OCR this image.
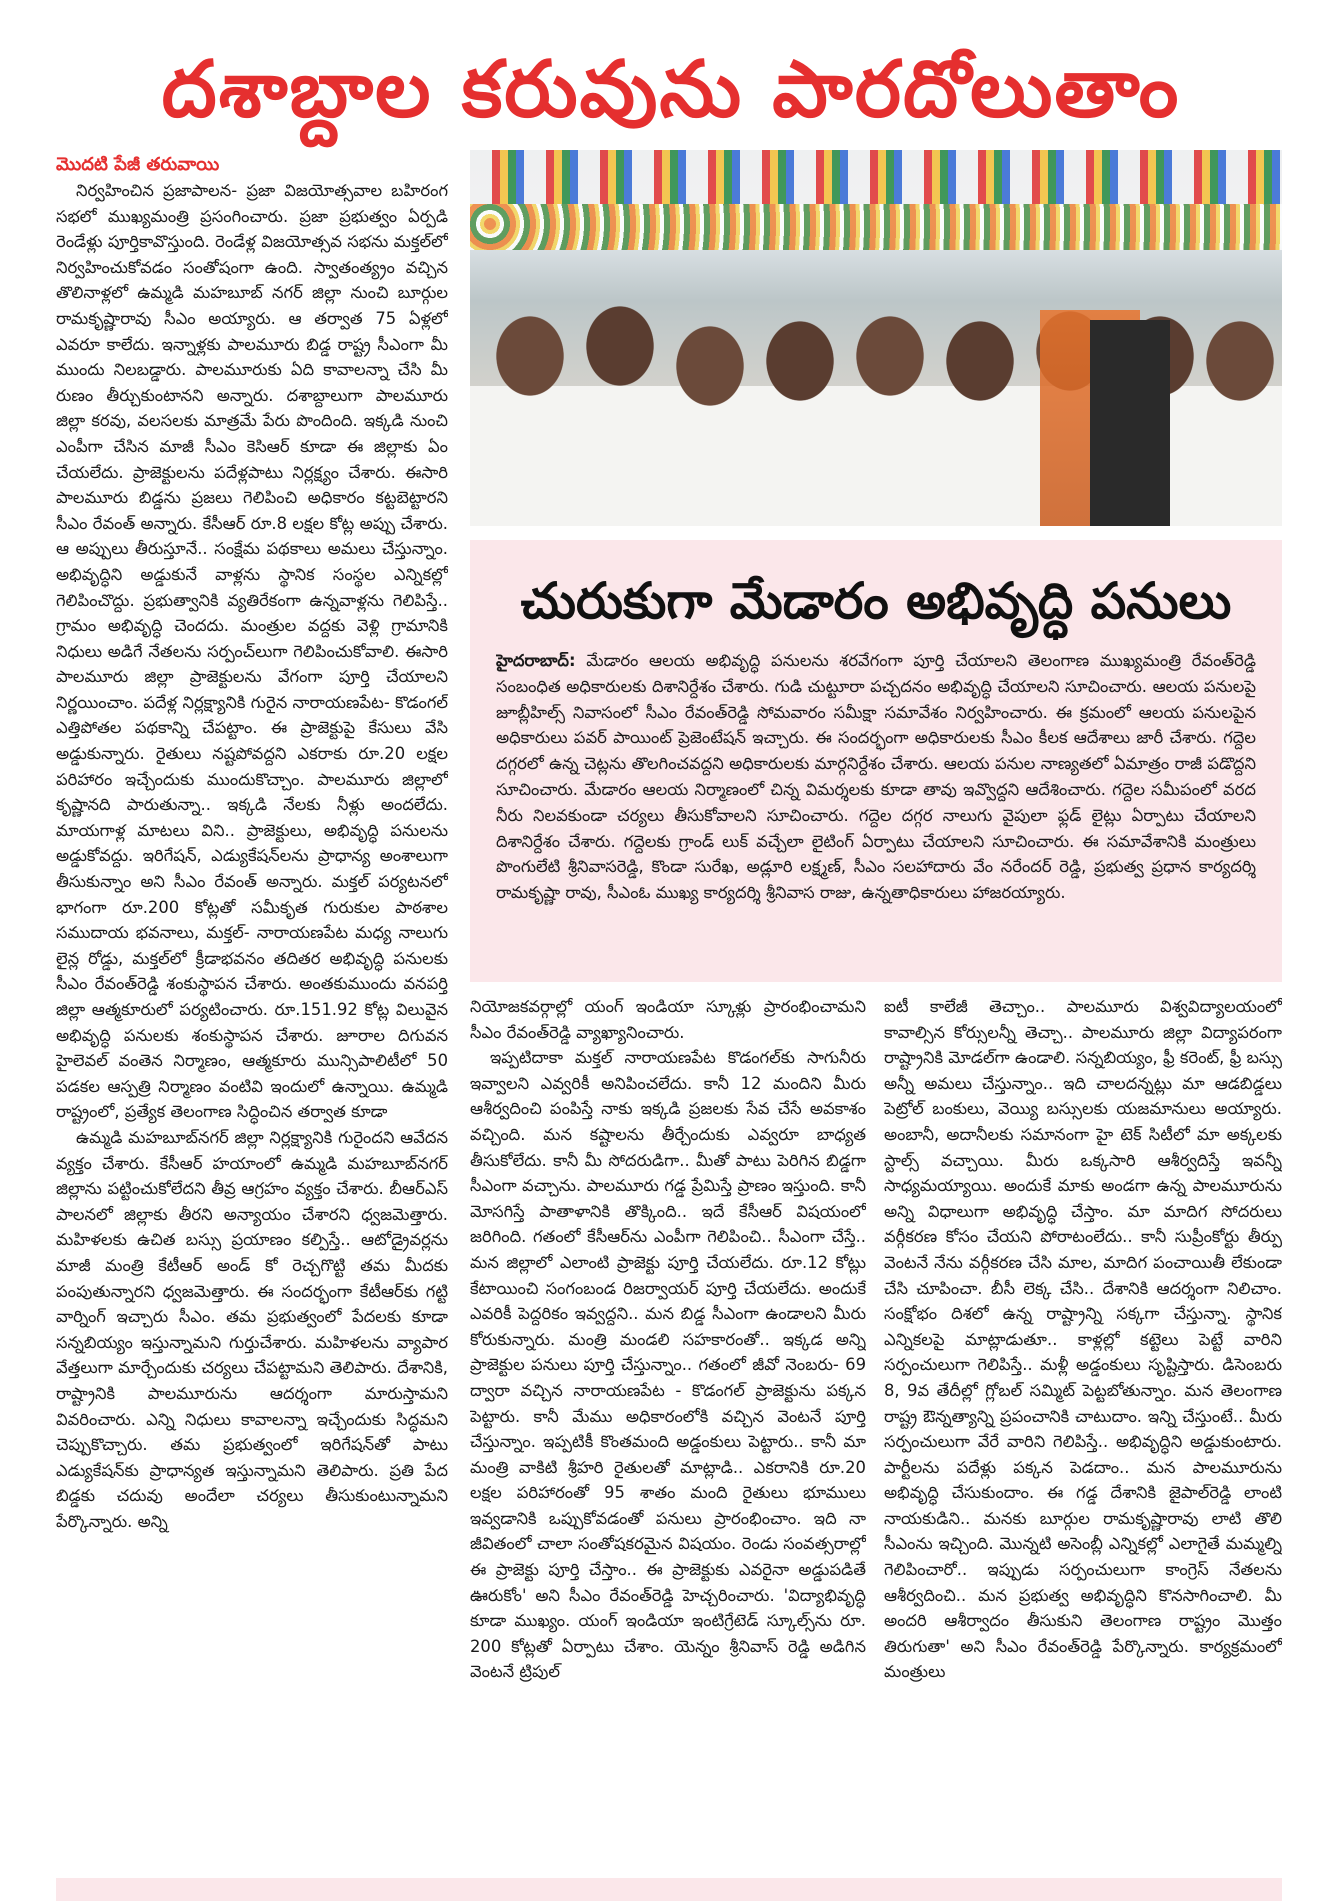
దశాబ్దాల కరువును పారదోలుతాం
మొదటి పేజీ తరువాయి

నిర్వహించిన ప్రజాపాలన- ప్రజా విజయోత్సవాల బహిరంగ సభలో ముఖ్యమంత్రి ప్రసంగించారు. ప్రజా ప్రభుత్వం ఏర్పడి రెండేళ్లు పూర్తికావొస్తుంది. రెండేళ్ల విజయోత్సవ సభను మక్తల్‌లో నిర్వహించుకోవడం సంతోషంగా ఉంది. స్వాతంత్య్రం వచ్చిన తొలినాళ్లలో ఉమ్మడి మహబూబ్ నగర్ జిల్లా నుంచి బూర్గుల రామకృష్ణారావు సీఎం అయ్యారు. ఆ తర్వాత 75 ఏళ్లలో ఎవరూ కాలేదు. ఇన్నాళ్లకు పాలమూరు బిడ్డ రాష్ట్ర సీఎంగా మీ ముందు నిలబడ్డారు. పాలమూరుకు ఏది కావాలన్నా చేసి మీ రుణం తీర్చుకుంటానని అన్నారు. దశాబ్దాలుగా పాలమూరు జిల్లా కరవు, వలసలకు మాత్రమే పేరు పొందింది. ఇక్కడి నుంచి ఎంపీగా చేసిన మాజీ సీఎం కెసిఆర్ కూడా ఈ జిల్లాకు ఏం చేయలేదు. ప్రాజెక్టులను పదేళ్లపాటు నిర్లక్ష్యం చేశారు. ఈసారి పాలమూరు బిడ్డను ప్రజలు గెలిపించి అధికారం కట్టబెట్టారని సీఎం రేవంత్ అన్నారు. కేసీఆర్ రూ.8 లక్షల కోట్ల అప్పు చేశారు. ఆ అప్పులు తీరుస్తూనే.. సంక్షేమ పథకాలు అమలు చేస్తున్నాం. అభివృద్ధిని అడ్డుకునే వాళ్లను స్థానిక సంస్థల ఎన్నికల్లో గెలిపించొద్దు. ప్రభుత్వానికి వ్యతిరేకంగా ఉన్నవాళ్లను గెలిపిస్తే.. గ్రామం అభివృద్ధి చెందదు. మంత్రుల వద్దకు వెళ్లి గ్రామానికి నిధులు అడిగే నేతలను సర్పంచ్‌లుగా గెలిపించుకోవాలి. ఈసారి పాలమూరు జిల్లా ప్రాజెక్టులను వేగంగా పూర్తి చేయాలని నిర్ణయించాం. పదేళ్ల నిర్లక్ష్యానికి గురైన నారాయణపేట- కొడంగల్ ఎత్తిపోతల పథకాన్ని చేపట్టాం. ఈ ప్రాజెక్టుపై కేసులు వేసి అడ్డుకున్నారు. రైతులు నష్టపోవద్దని ఎకరాకు రూ.20 లక్షల పరిహారం ఇచ్చేందుకు ముందుకొచ్చాం. పాలమూరు జిల్లాలో కృష్ణానది పారుతున్నా.. ఇక్కడి నేలకు నీళ్లు అందలేదు. మాయగాళ్ల మాటలు విని.. ప్రాజెక్టులు, అభివృద్ధి పనులను అడ్డుకోవద్దు. ఇరిగేషన్, ఎడ్యుకేషన్‌లను ప్రాధాన్య అంశాలుగా తీసుకున్నాం అని సీఎం రేవంత్ అన్నారు. మక్తల్ పర్యటనలో భాగంగా రూ.200 కోట్లతో సమీకృత గురుకుల పాఠశాల సముదాయ భవనాలు, మక్తల్- నారాయణపేట మధ్య నాలుగు లైన్ల రోడ్డు, మక్తల్‌లో క్రీడాభవనం తదితర అభివృద్ధి పనులకు సీఎం రేవంత్‌రెడ్డి శంకుస్థాపన చేశారు. అంతకుముందు వనపర్తి జిల్లా ఆత్మకూరులో పర్యటించారు. రూ.151.92 కోట్ల విలువైన అభివృద్ధి పనులకు శంకుస్థాపన చేశారు. జూరాల దిగువన హైలెవల్ వంతెన నిర్మాణం, ఆత్మకూరు మున్సిపాలిటీలో 50 పడకల ఆస్పత్రి నిర్మాణం వంటివి ఇందులో ఉన్నాయి. ఉమ్మడి రాష్ట్రంలో, ప్రత్యేక తెలంగాణ సిద్ధించిన తర్వాత కూడా

ఉమ్మడి మహబూబ్‌నగర్ జిల్లా నిర్లక్ష్యానికి గురైందని ఆవేదన వ్యక్తం చేశారు. కేసీఆర్ హయాంలో ఉమ్మడి మహబూబ్‌నగర్ జిల్లాను పట్టించుకోలేదని తీవ్ర ఆగ్రహం వ్యక్తం చేశారు. బీఆర్ఎస్ పాలనలో జిల్లాకు తీరని అన్యాయం చేశారని ధ్వజమెత్తారు. మహిళలకు ఉచిత బస్సు ప్రయాణం కల్పిస్తే.. ఆటోడ్రైవర్లను మాజీ మంత్రి కేటీఆర్ అండ్ కో రెచ్చగొట్టి తమ మీదకు పంపుతున్నారని ధ్వజమెత్తారు. ఈ సందర్భంగా కేటీఆర్‌కు గట్టి వార్నింగ్ ఇచ్చారు సీఎం. తమ ప్రభుత్వంలో పేదలకు కూడా సన్నబియ్యం ఇస్తున్నామని గుర్తుచేశారు. మహిళలను వ్యాపార వేత్తలుగా మార్చేందుకు చర్యలు చేపట్టామని తెలిపారు. దేశానికి, రాష్ట్రానికి పాలమూరును ఆదర్శంగా మారుస్తామని వివరించారు. ఎన్ని నిధులు కావాలన్నా ఇచ్చేందుకు సిద్ధమని చెప్పుకొచ్చారు. తమ ప్రభుత్వంలో ఇరిగేషన్‌తో పాటు ఎడ్యుకేషన్‌కు ప్రాధాన్యత ఇస్తున్నామని తెలిపారు. ప్రతి పేద బిడ్డకు చదువు అందేలా చర్యలు తీసుకుంటున్నామని పేర్కొన్నారు. అన్ని

చురుకుగా మేడారం అభివృద్ధి పనులు
హైదరాబాద్: మేడారం ఆలయ అభివృద్ధి పనులను శరవేగంగా పూర్తి చేయాలని తెలంగాణ ముఖ్యమంత్రి రేవంత్‌రెడ్డి సంబంధిత అధికారులకు దిశానిర్దేశం చేశారు. గుడి చుట్టూరా పచ్చదనం అభివృద్ధి చేయాలని సూచించారు. ఆలయ పనులపై జూబ్లీహిల్స్ నివాసంలో సీఎం రేవంత్‌రెడ్డి సోమవారం సమీక్షా సమావేశం నిర్వహించారు. ఈ క్రమంలో ఆలయ పనులపైన అధికారులు పవర్ పాయింట్ ప్రెజెంటేషన్ ఇచ్చారు. ఈ సందర్భంగా అధికారులకు సీఎం కీలక ఆదేశాలు జారీ చేశారు. గద్దెల దగ్గరలో ఉన్న చెట్లను తొలగించవద్దని అధికారులకు మార్గనిర్దేశం చేశారు. ఆలయ పనుల నాణ్యతలో ఏమాత్రం రాజీ పడొద్దని సూచించారు. మేడారం ఆలయ నిర్మాణంలో చిన్న విమర్శలకు కూడా తావు ఇవ్వొద్దని ఆదేశించారు. గద్దెల సమీపంలో వరద నీరు నిలవకుండా చర్యలు తీసుకోవాలని సూచించారు. గద్దెల దగ్గర నాలుగు వైపులా ఫ్లడ్ లైట్లు ఏర్పాటు చేయాలని దిశానిర్దేశం చేశారు. గద్దెలకు గ్రాండ్ లుక్ వచ్చేలా లైటింగ్ ఏర్పాటు చేయాలని సూచించారు. ఈ సమావేశానికి మంత్రులు పొంగులేటి శ్రీనివాసరెడ్డి, కొండా సురేఖ, అడ్లూరి లక్ష్మణ్, సీఎం సలహాదారు వేం నరేందర్ రెడ్డి, ప్రభుత్వ ప్రధాన కార్యదర్శి రామకృష్ణా రావు, సీఎంఓ ముఖ్య కార్యదర్శి శ్రీనివాస రాజు, ఉన్నతాధికారులు హాజరయ్యారు.

నియోజకవర్గాల్లో యంగ్ ఇండియా స్కూళ్లు ప్రారంభించామని సీఎం రేవంత్‌రెడ్డి వ్యాఖ్యానించారు.

ఇప్పటిదాకా మక్తల్ నారాయణపేట కొడంగల్‌కు సాగునీరు ఇవ్వాలని ఎవ్వరికీ అనిపించలేదు. కానీ 12 మందిని మీరు ఆశీర్వదించి పంపిస్తే నాకు ఇక్కడి ప్రజలకు సేవ చేసే అవకాశం వచ్చింది. మన కష్టాలను తీర్చేందుకు ఎవ్వరూ బాధ్యత తీసుకోలేదు. కానీ మీ సోదరుడిగా.. మీతో పాటు పెరిగిన బిడ్డగా సీఎంగా వచ్చాను. పాలమూరు గడ్డ ప్రేమిస్తే ప్రాణం ఇస్తుంది. కానీ మోసగిస్తే పాతాళానికి తొక్కింది.. ఇదే కేసీఆర్ విషయంలో జరిగింది. గతంలో కేసీఆర్‌ను ఎంపీగా గెలిపించి.. సీఎంగా చేస్తే.. మన జిల్లాలో ఎలాంటి ప్రాజెక్టు పూర్తి చేయలేదు. రూ.12 కోట్లు కేటాయించి సంగంబండ రిజర్వాయర్ పూర్తి చేయలేదు. అందుకే ఎవరికీ పెద్దరికం ఇవ్వద్దని.. మన బిడ్డ సీఎంగా ఉండాలని మీరు కోరుకున్నారు. మంత్రి మండలి సహకారంతో.. ఇక్కడ అన్ని ప్రాజెక్టుల పనులు పూర్తి చేస్తున్నాం.. గతంలో జీవో నెంబరు- 69 ద్వారా వచ్చిన నారాయణపేట - కొడంగల్ ప్రాజెక్టును పక్కన పెట్టారు. కానీ మేము అధికారంలోకి వచ్చిన వెంటనే పూర్తి చేస్తున్నాం. ఇప్పటికీ కొంతమంది అడ్డంకులు పెట్టారు.. కానీ మా మంత్రి వాకిటి శ్రీహరి రైతులతో మాట్లాడి.. ఎకరానికి రూ.20 లక్షల పరిహారంతో 95 శాతం మంది రైతులు భూములు ఇవ్వడానికి ఒప్పుకోవడంతో పనులు ప్రారంభించాం. ఇది నా జీవితంలో చాలా సంతోషకరమైన విషయం. రెండు సంవత్సరాల్లో ఈ ప్రాజెక్టు పూర్తి చేస్తాం.. ఈ ప్రాజెక్టుకు ఎవరైనా అడ్డుపడితే ఊరుకోం' అని సీఎం రేవంత్‌రెడ్డి హెచ్చరించారు. 'విద్యాభివృద్ధి కూడా ముఖ్యం. యంగ్ ఇండియా ఇంటిగ్రేటెడ్ స్కూల్స్‌ను రూ. 200 కోట్లతో ఏర్పాటు చేశాం. యెన్నం శ్రీనివాస్ రెడ్డి అడిగిన వెంటనే ట్రిపుల్

ఐటీ కాలేజీ తెచ్చాం.. పాలమూరు విశ్వవిద్యాలయంలో కావాల్సిన కోర్సులన్నీ తెచ్చా.. పాలమూరు జిల్లా విద్యాపరంగా రాష్ట్రానికి మోడల్‌గా ఉండాలి. సన్నబియ్యం, ఫ్రీ కరెంట్, ఫ్రీ బస్సు అన్నీ అమలు చేస్తున్నాం.. ఇది చాలదన్నట్లు మా ఆడబిడ్డలు పెట్రోల్ బంకులు, వెయ్యి బస్సులకు యజమానులు అయ్యారు. అంబానీ, అదానీలకు సమానంగా హై టెక్ సిటీలో మా అక్కలకు స్టాల్స్ వచ్చాయి. మీరు ఒక్కసారి ఆశీర్వదిస్తే ఇవన్నీ సాధ్యమయ్యాయి. అందుకే మాకు అండగా ఉన్న పాలమూరును అన్ని విధాలుగా అభివృద్ధి చేస్తాం. మా మాదిగ సోదరులు వర్గీకరణ కోసం చేయని పోరాటంలేదు.. కానీ సుప్రీంకోర్టు తీర్పు వెంటనే నేను వర్గీకరణ చేసి మాల, మాదిగ పంచాయితీ లేకుండా చేసి చూపించా. బీసీ లెక్క చేసి.. దేశానికి ఆదర్శంగా నిలిచాం. సంక్షోభం దిశలో ఉన్న రాష్ట్రాన్ని సక్కగా చేస్తున్నా. స్థానిక ఎన్నికలపై మాట్లాడుతూ.. కాళ్లల్లో కట్టెలు పెట్టే వారిని సర్పంచులుగా గెలిపిస్తే.. మళ్లీ అడ్డంకులు సృష్టిస్తారు. డిసెంబరు 8, 9వ తేదీల్లో గ్లోబల్ సమ్మిట్ పెట్టబోతున్నాం. మన తెలంగాణ రాష్ట్ర ఔన్నత్యాన్ని ప్రపంచానికి చాటుదాం. ఇన్ని చేస్తుంటే.. మీరు సర్పంచులుగా వేరే వారిని గెలిపిస్తే.. అభివృద్ధిని అడ్డుకుంటారు. పార్టీలను పదేళ్లు పక్కన పెడదాం.. మన పాలమూరును అభివృద్ధి చేసుకుందాం. ఈ గడ్డ దేశానికి జైపాల్‌రెడ్డి లాంటి నాయకుడిని.. మనకు బూర్గుల రామకృష్ణారావు లాటి తొలి సీఎంను ఇచ్చింది. మొన్నటి అసెంబ్లీ ఎన్నికల్లో ఎలాగైతే మమ్మల్ని గెలిపించారో.. ఇప్పుడు సర్పంచులుగా కాంగ్రెస్ నేతలను ఆశీర్వదించి.. మన ప్రభుత్వ అభివృద్ధిని కొనసాగించాలి. మీ అందరి ఆశీర్వాదం తీసుకుని తెలంగాణ రాష్ట్రం మొత్తం తిరుగుతా' అని సీఎం రేవంత్‌రెడ్డి పేర్కొన్నారు. కార్యక్రమంలో మంత్రులు
